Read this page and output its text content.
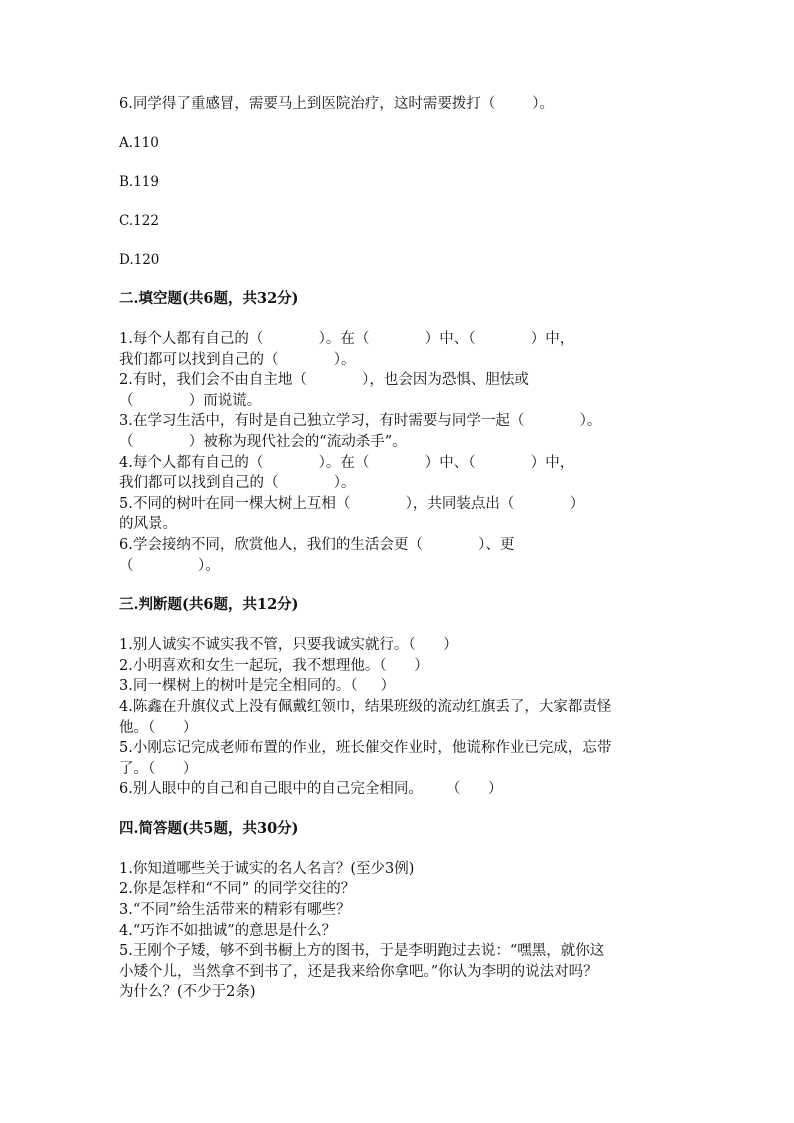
6.同学得了重感冒，需要马上到医院治疗，这时需要拨打（        ）。
A.110
B.119
C.122
D.120
二.填空题(共6题，共32分)
1.每个人都有自己的（            ）。在（            ）中、（            ）中，
我们都可以找到自己的（            ）。
2.有时，我们会不由自主地（            ），也会因为恐惧、胆怯或
（            ）而说谎。
3.在学习生活中，有时是自己独立学习，有时需要与同学一起（            ）。
（            ）被称为现代社会的“流动杀手”。
4.每个人都有自己的（            ）。在（            ）中、（            ）中，
我们都可以找到自己的（            ）。
5.不同的树叶在同一棵大树上互相（            ），共同装点出（            ）
的风景。
6.学会接纳不同，欣赏他人，我们的生活会更（            ）、更
（              ）。
三.判断题(共6题，共12分)
1.别人诚实不诚实我不管，只要我诚实就行。（      ）
2.小明喜欢和女生一起玩，我不想理他。（      ）
3.同一棵树上的树叶是完全相同的。（     ）
4.陈鑫在升旗仪式上没有佩戴红领巾，结果班级的流动红旗丢了，大家都责怪
他。（      ）
5.小刚忘记完成老师布置的作业，班长催交作业时，他谎称作业已完成，忘带
了。（      ）
6.别人眼中的自己和自己眼中的自己完全相同。     （      ）
四.简答题(共5题，共30分)
1.你知道哪些关于诚实的名人名言？(至少3例)
2.你是怎样和“不同” 的同学交往的？
3.“不同”给生活带来的精彩有哪些？
4.“巧诈不如拙诚”的意思是什么？
5.王刚个子矮，够不到书橱上方的图书，于是李明跑过去说：“嘿黑，就你这
小矮个儿，当然拿不到书了，还是我来给你拿吧。”你认为李明的说法对吗？
为什么？(不少于2条)
